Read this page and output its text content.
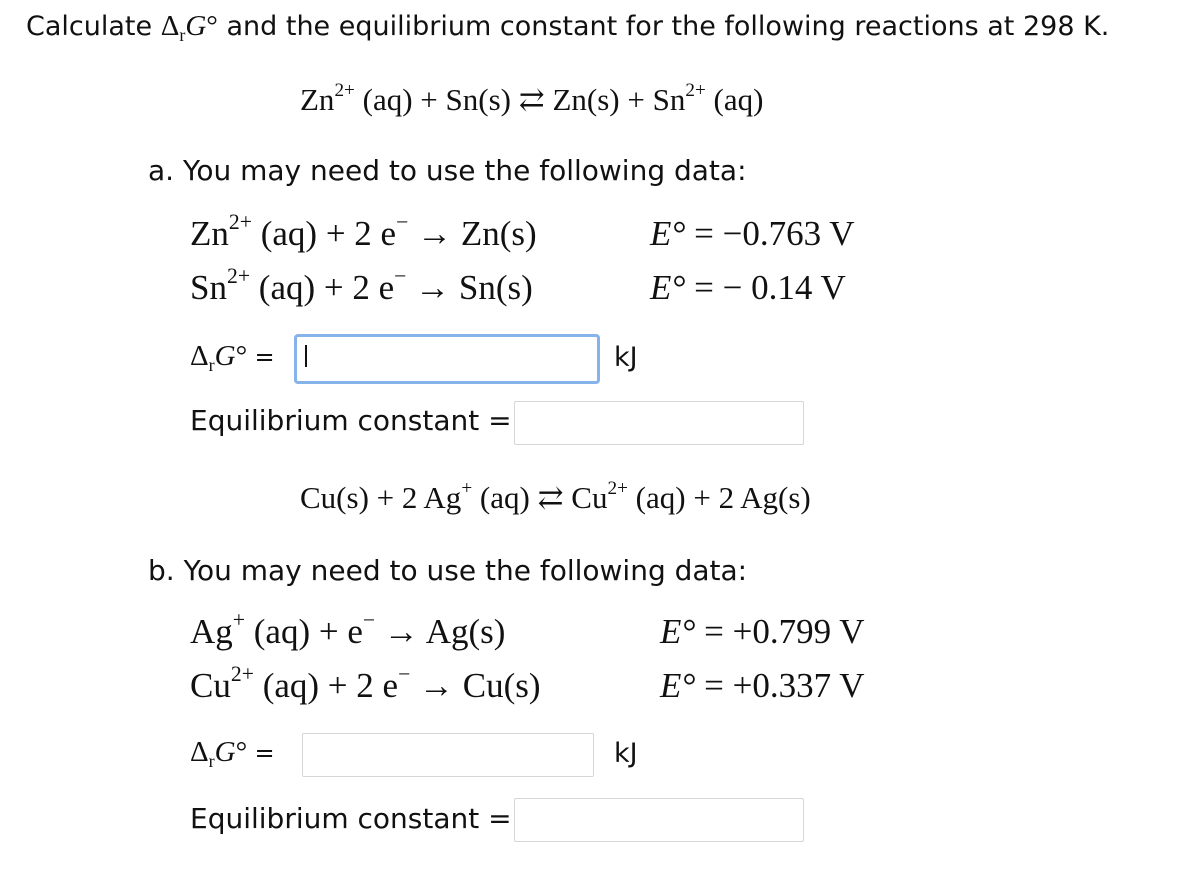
Calculate $\Delta_rG^\circ$ and the equilibrium constant for the following reactions at 298 K.
$Zn^{2+}$ (aq) + Sn(s) ⇄ $Zn(s) + Sn^{2+}$ (aq)
a. You may need to use the following data:
$Zn^{2+}$ (aq) + 2 e− → Zn(s)	E° = −0.763 V
$Sn^{2+}$ (aq) + 2 e− → Sn(s)	E° = − 0.14 V
$\Delta_rG^\circ$ =	kJ
Equilibrium constant =
Cu(s) + 2 Ag+ (aq) ⇄ $Cu^{2+}$ (aq) + 2 Ag(s)
b. You may need to use the following data:
Ag+ (aq) + e− → Ag(s)	E° = +0.799 V
$Cu^{2+}$ (aq) + 2 e− → Cu(s)	E° = +0.337 V
$\Delta_rG^\circ$ =	kJ
Equilibrium constant =
